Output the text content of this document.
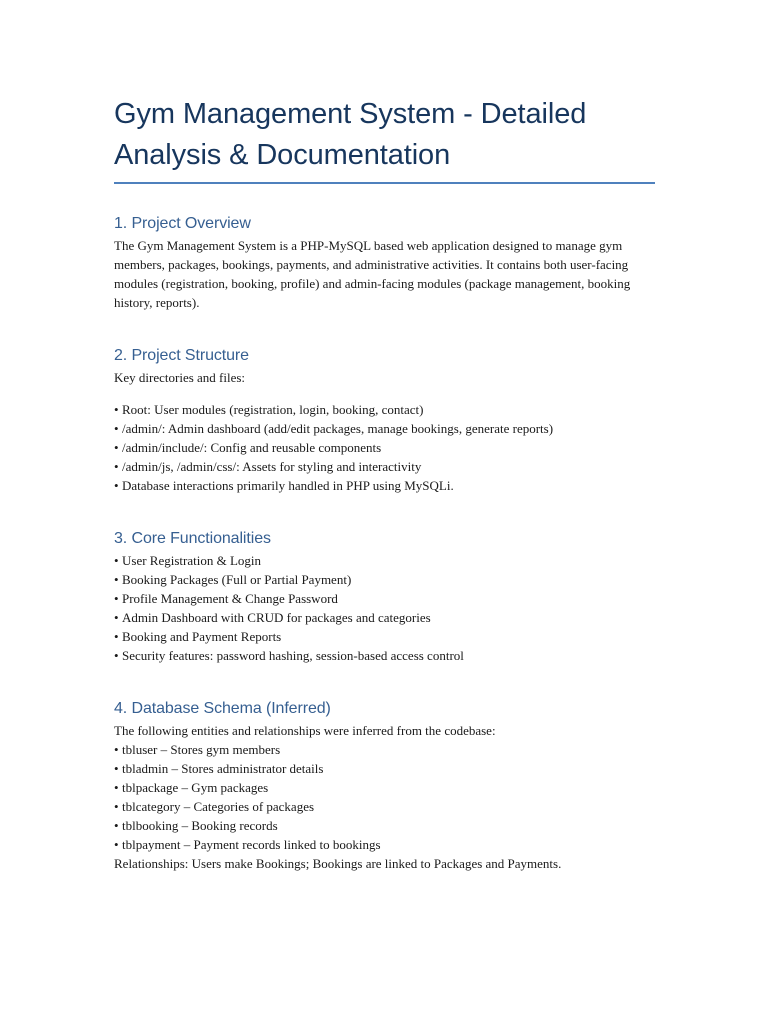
Gym Management System - Detailed Analysis & Documentation
1. Project Overview

The Gym Management System is a PHP-MySQL based web application designed to manage gym members, packages, bookings, payments, and administrative activities. It contains both user-facing modules (registration, booking, profile) and admin-facing modules (package management, booking history, reports).

2. Project Structure

Key directories and files:

• Root: User modules (registration, login, booking, contact)
• /admin/: Admin dashboard (add/edit packages, manage bookings, generate reports)
• /admin/include/: Config and reusable components
• /admin/js, /admin/css/: Assets for styling and interactivity
• Database interactions primarily handled in PHP using MySQLi.
3. Core Functionalities
• User Registration & Login
• Booking Packages (Full or Partial Payment)
• Profile Management & Change Password
• Admin Dashboard with CRUD for packages and categories
• Booking and Payment Reports
• Security features: password hashing, session-based access control
4. Database Schema (Inferred)

The following entities and relationships were inferred from the codebase:

• tbluser – Stores gym members
• tbladmin – Stores administrator details
• tblpackage – Gym packages
• tblcategory – Categories of packages
• tblbooking – Booking records
• tblpayment – Payment records linked to bookings

Relationships: Users make Bookings; Bookings are linked to Packages and Payments.
